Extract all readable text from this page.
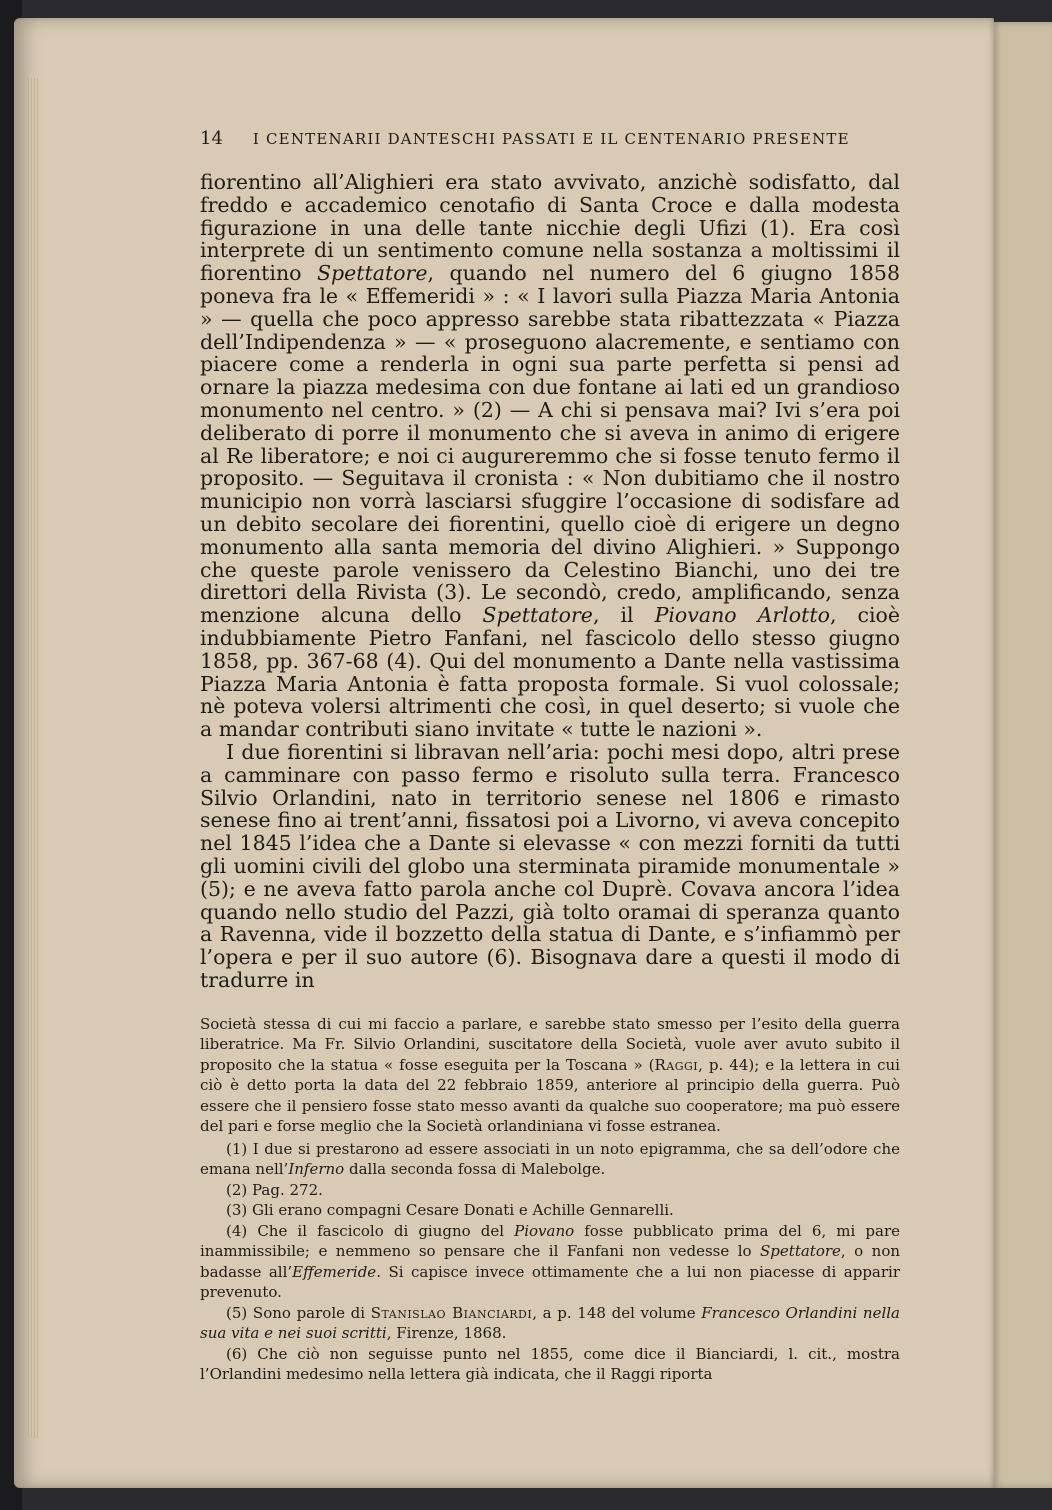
14 I CENTENARII DANTESCHI PASSATI E IL CENTENARIO PRESENTE

fiorentino all’Alighieri era stato avvivato, anzichè sodisfatto, dal freddo e accademico cenotafio di Santa Croce e dalla modesta figurazione in una delle tante nicchie degli Ufizi (1). Era così interprete di un sentimento comune nella sostanza a moltissimi il fiorentino Spettatore, quando nel numero del 6 giugno 1858 poneva fra le « Effemeridi » : « I lavori sulla Piazza Maria Antonia » — quella che poco appresso sarebbe stata ribattezzata « Piazza dell’Indipendenza » — « proseguono alacremente, e sentiamo con piacere come a renderla in ogni sua parte perfetta si pensi ad ornare la piazza medesima con due fontane ai lati ed un grandioso monumento nel centro. » (2) — A chi si pensava mai? Ivi s’era poi deliberato di porre il monumento che si aveva in animo di erigere al Re liberatore; e noi ci augureremmo che si fosse tenuto fermo il proposito. — Seguitava il cronista : « Non dubitiamo che il nostro municipio non vorrà lasciarsi sfuggire l’occasione di sodisfare ad un debito secolare dei fiorentini, quello cioè di erigere un degno monumento alla santa memoria del divino Alighieri. » Suppongo che queste parole venissero da Celestino Bianchi, uno dei tre direttori della Rivista (3). Le secondò, credo, amplificando, senza menzione alcuna dello Spettatore, il Piovano Arlotto, cioè indubbiamente Pietro Fanfani, nel fascicolo dello stesso giugno 1858, pp. 367-68 (4). Qui del monumento a Dante nella vastissima Piazza Maria Antonia è fatta proposta formale. Si vuol colossale; nè poteva volersi altrimenti che così, in quel deserto; si vuole che a mandar contributi siano invitate « tutte le nazioni ».

I due fiorentini si libravan nell’aria: pochi mesi dopo, altri prese a camminare con passo fermo e risoluto sulla terra. Francesco Silvio Orlandini, nato in territorio senese nel 1806 e rimasto senese fino ai trent’anni, fissatosi poi a Livorno, vi aveva concepito nel 1845 l’idea che a Dante si elevasse « con mezzi forniti da tutti gli uomini civili del globo una sterminata piramide monumentale » (5); e ne aveva fatto parola anche col Duprè. Covava ancora l’idea quando nello studio del Pazzi, già tolto oramai di speranza quanto a Ravenna, vide il bozzetto della statua di Dante, e s’infiammò per l’opera e per il suo autore (6). Bisognava dare a questi il modo di tradurre in

Società stessa di cui mi faccio a parlare, e sarebbe stato smesso per l’esito della guerra liberatrice. Ma Fr. Silvio Orlandini, suscitatore della Società, vuole aver avuto subito il proposito che la statua « fosse eseguita per la Toscana » (Raggi, p. 44); e la lettera in cui ciò è detto porta la data del 22 febbraio 1859, anteriore al principio della guerra. Può essere che il pensiero fosse stato messo avanti da qualche suo cooperatore; ma può essere del pari e forse meglio che la Società orlandiniana vi fosse estranea.

(1) I due si prestarono ad essere associati in un noto epigramma, che sa dell’odore che emana nell’Inferno dalla seconda fossa di Malebolge.

(2) Pag. 272.

(3) Gli erano compagni Cesare Donati e Achille Gennarelli.

(4) Che il fascicolo di giugno del Piovano fosse pubblicato prima del 6, mi pare inammissibile; e nemmeno so pensare che il Fanfani non vedesse lo Spettatore, o non badasse all’Effemeride. Si capisce invece ottimamente che a lui non piacesse di apparir prevenuto.

(5) Sono parole di Stanislao Bianciardi, a p. 148 del volume Francesco Orlandini nella sua vita e nei suoi scritti, Firenze, 1868.

(6) Che ciò non seguisse punto nel 1855, come dice il Bianciardi, l. cit., mostra l’Orlandini medesimo nella lettera già indicata, che il Raggi riporta
